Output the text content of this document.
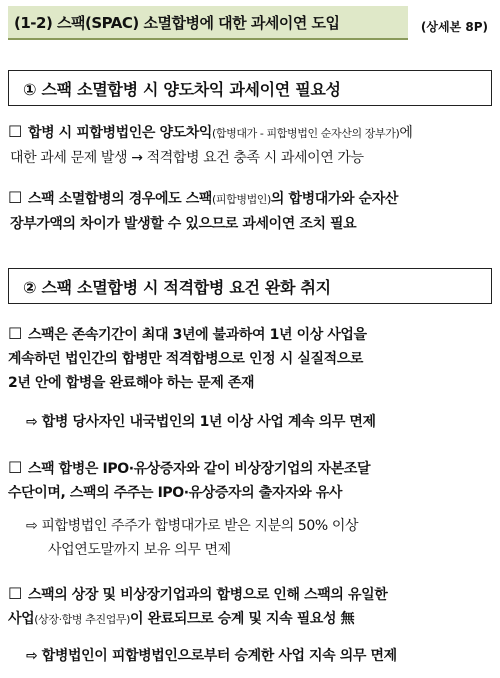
(1-2) 스팩(SPAC) 소멸합병에 대한 과세이연 도입	(상세본 8P)
① 스팩 소멸합병 시 양도차익 과세이연 필요성
☐ 합병 시 피합병법인은 양도차익(합병대가 - 피합병법인 순자산의 장부가)에
대한 과세 문제 발생 → 적격합병 요건 충족 시 과세이연 가능
☐ 스팩 소멸합병의 경우에도 스팩(피합병법인)의 합병대가와 순자산
장부가액의 차이가 발생할 수 있으므로 과세이연 조치 필요
② 스팩 소멸합병 시 적격합병 요건 완화 취지
☐ 스팩은 존속기간이 최대 3년에 불과하여 1년 이상 사업을
계속하던 법인간의 합병만 적격합병으로 인정 시 실질적으로
2년 안에 합병을 완료해야 하는 문제 존재
⇨ 합병 당사자인 내국법인의 1년 이상 사업 계속 의무 면제
☐ 스팩 합병은 IPO·유상증자와 같이 비상장기업의 자본조달
수단이며, 스팩의 주주는 IPO·유상증자의 출자자와 유사
⇨ 피합병법인 주주가 합병대가로 받은 지분의 50% 이상
사업연도말까지 보유 의무 면제
☐ 스팩의 상장 및 비상장기업과의 합병으로 인해 스팩의 유일한
사업(상장·합병 추진업무)이 완료되므로 승계 및 지속 필요성 無
⇨ 합병법인이 피합병법인으로부터 승계한 사업 지속 의무 면제
